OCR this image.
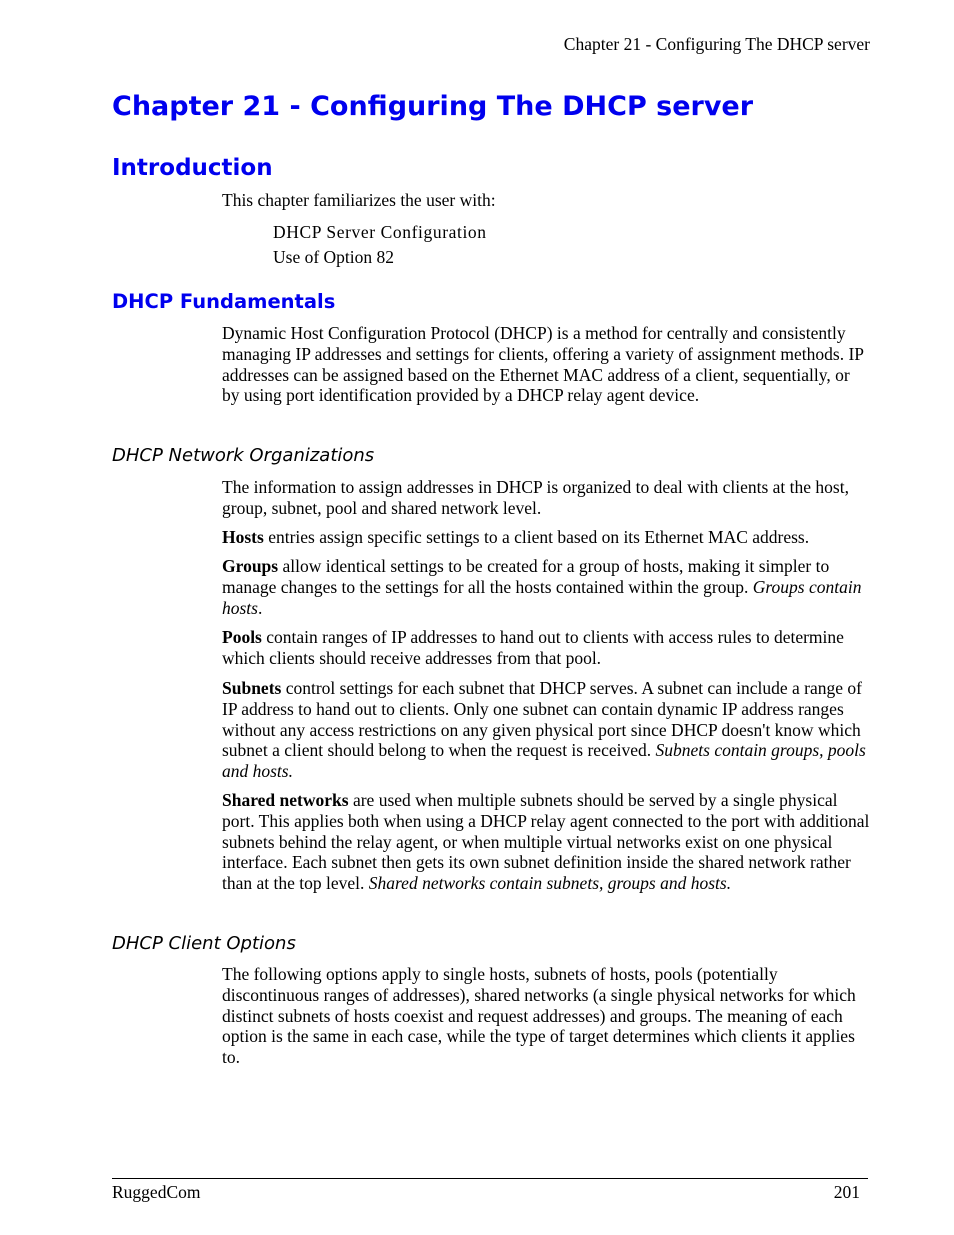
Chapter 21 - Configuring The DHCP server
Chapter 21 - Configuring The DHCP server
Introduction

This chapter familiarizes the user with:

DHCP Server Configuration
Use of Option 82
DHCP Fundamentals

Dynamic Host Configuration Protocol (DHCP) is a method for centrally and consistently managing IP addresses and settings for clients, offering a variety of assignment methods. IP addresses can be assigned based on the Ethernet MAC address of a client, sequentially, or by using port identification provided by a DHCP relay agent device.

DHCP Network Organizations

The information to assign addresses in DHCP is organized to deal with clients at the host, group, subnet, pool and shared network level.

Hosts entries assign specific settings to a client based on its Ethernet MAC address.

Groups allow identical settings to be created for a group of hosts, making it simpler to manage changes to the settings for all the hosts contained within the group. Groups contain hosts.

Pools contain ranges of IP addresses to hand out to clients with access rules to determine which clients should receive addresses from that pool.

Subnets control settings for each subnet that DHCP serves. A subnet can include a range of IP address to hand out to clients. Only one subnet can contain dynamic IP address ranges without any access restrictions on any given physical port since DHCP doesn't know which subnet a client should belong to when the request is received. Subnets contain groups, pools and hosts.

Shared networks are used when multiple subnets should be served by a single physical port. This applies both when using a DHCP relay agent connected to the port with additional subnets behind the relay agent, or when multiple virtual networks exist on one physical interface. Each subnet then gets its own subnet definition inside the shared network rather than at the top level. Shared networks contain subnets, groups and hosts.

DHCP Client Options

The following options apply to single hosts, subnets of hosts, pools (potentially discontinuous ranges of addresses), shared networks (a single physical networks for which distinct subnets of hosts coexist and request addresses) and groups. The meaning of each option is the same in each case, while the type of target determines which clients it applies to.

RuggedCom	201
